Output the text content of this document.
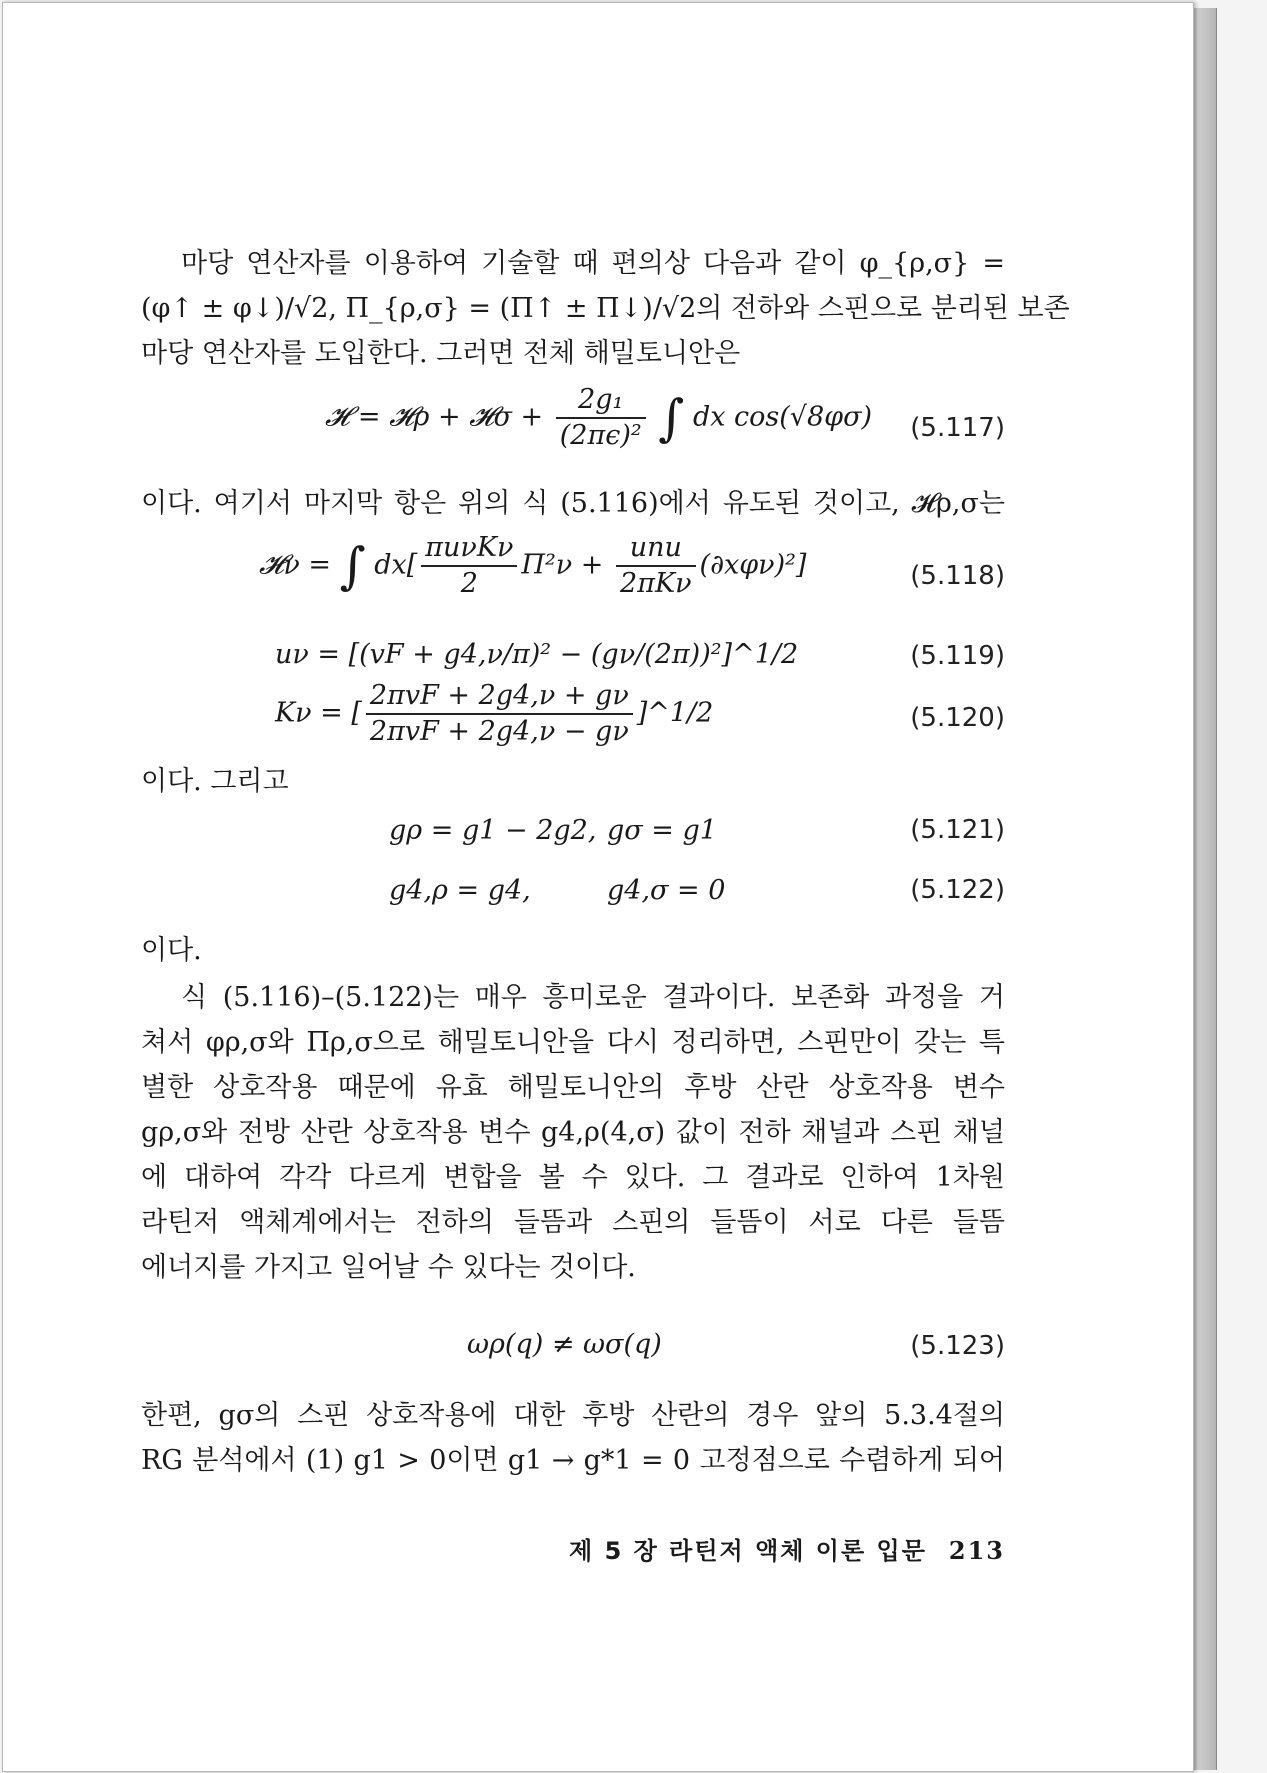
마당 연산자를 이용하여 기술할 때 편의상 다음과 같이 φ_{ρ,σ} =
(φ↑ ± φ↓)/√2, Π_{ρ,σ} = (Π↑ ± Π↓)/√2의 전하와 스핀으로 분리된 보존
마당 연산자를 도입한다. 그러면 전체 해밀토니안은
𝓗 = 𝓗ρ + 𝓗σ + $\frac{\text{2g₁}}{\text{(2πϵ)²}}$ ∫ dx cos(√8φσ) (5.117)
이다. 여기서 마지막 항은 위의 식 (5.116)에서 유도된 것이고, 𝓗ρ,σ는
𝓗ν = ∫ $dx[ \frac{\text{πuνKν}}{2} \Pi^2\nu + \frac{\text{unu}}{\text{2πKν}} (\partial x\varphi\nu)^2]$	(5.118)
uν = [(vF + g4,ν/π)² − (gν/(2π))²]^1/2	(5.119)
Kν = [ $\frac{\text{2πvF + 2g4,ν + gν}}{\text{2πvF + 2g4,ν − gν}}$ ]^1/2	(5.120)
이다. 그리고
gρ = g1 − 2g2, gσ = g1	(5.121)
g4,ρ = g4,	g4,σ = 0	(5.122)
이다.
식 (5.116)–(5.122)는 매우 흥미로운 결과이다. 보존화 과정을 거
쳐서 φρ,σ와 Πρ,σ으로 해밀토니안을 다시 정리하면, 스핀만이 갖는 특
별한 상호작용 때문에 유효 해밀토니안의 후방 산란 상호작용 변수
gρ,σ와 전방 산란 상호작용 변수 g4,ρ(4,σ) 값이 전하 채널과 스핀 채널
에 대하여 각각 다르게 변합을 볼 수 있다. 그 결과로 인하여 1차원
라틴저 액체계에서는 전하의 들뜸과 스핀의 들뜸이 서로 다른 들뜸
에너지를 가지고 일어날 수 있다는 것이다.
ωρ(q) ≠ ωσ(q)	(5.123)
한편, gσ의 스핀 상호작용에 대한 후방 산란의 경우 앞의 5.3.4절의
RG 분석에서 (1) g1 > 0이면 g1 → g*1 = 0 고정점으로 수렴하게 되어
제 5 장 라틴저 액체 이론 입문 213
